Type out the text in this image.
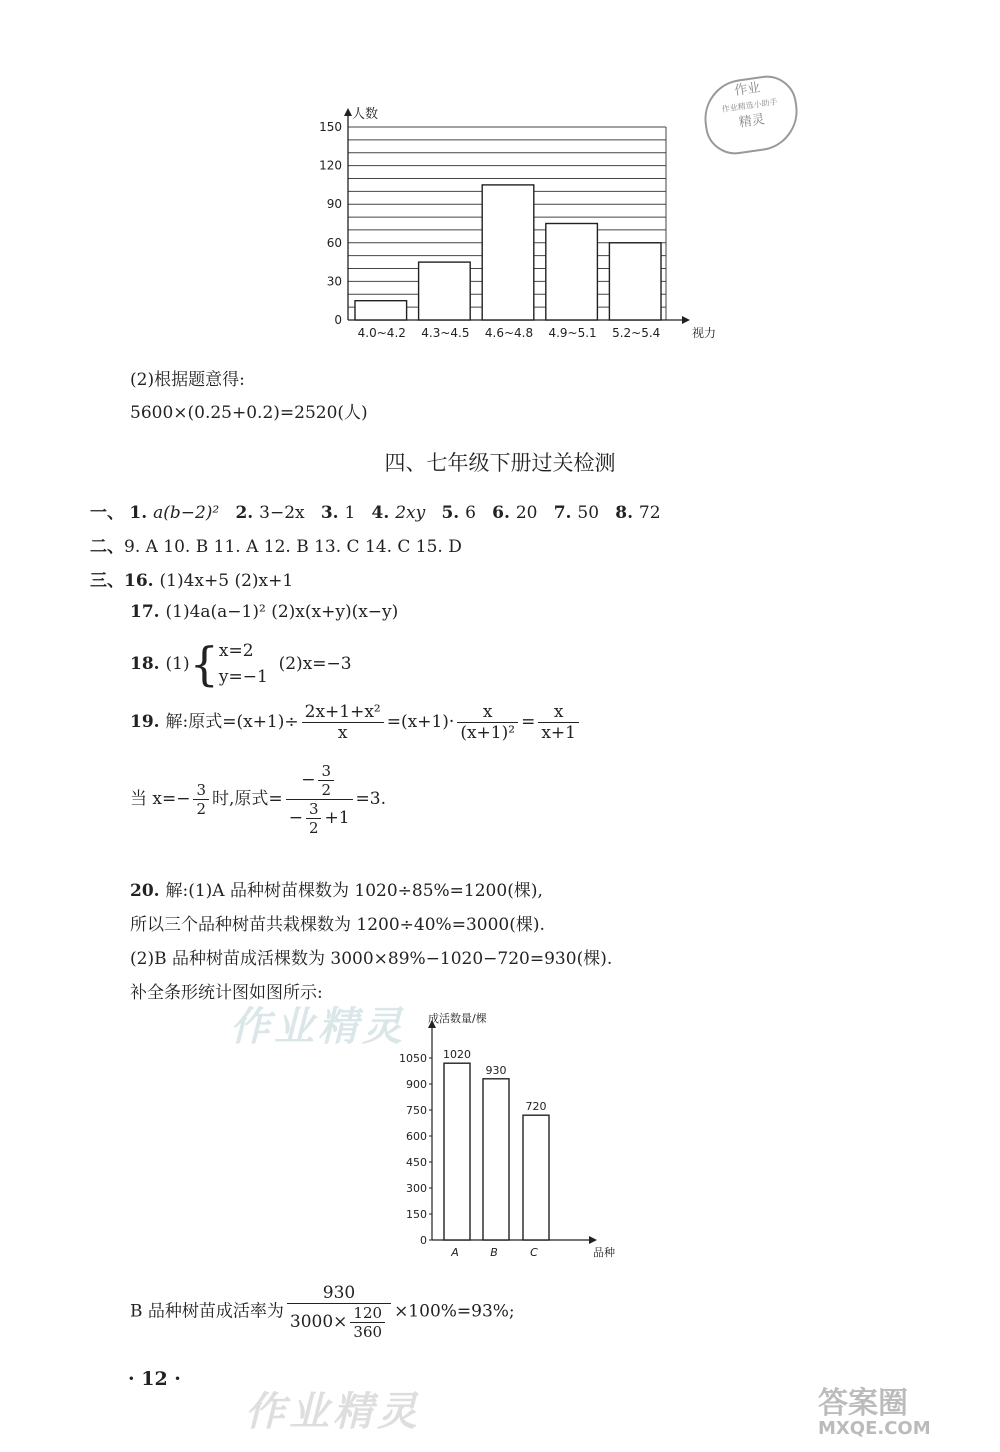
作业
作业精选小助手
精灵
4.0~4.2 4.3~4.5 4.6~4.8 4.9~5.1 5.2~5.4
0
30
60
90
120
150
人数
视力
(2)根据题意得:
5600×(0.25+0.2)=2520(人)
四、七年级下册过关检测
一、 1. a(b−2)² 2. 3−2x 3. 1 4. 2xy 5. 6 6. 20 7. 50 8. 72
二、9. A 10. B 11. A 12. B 13. C 14. C 15. D
三、16. (1)4x+5 (2)x+1
17. (1)4a(a−1)² (2)x(x+y)(x−y)
18. (1){ x=2
y=−1
(2)x=−3
19. 解:原式$=(x+1)\div \frac{\text{2x+1+x²}}{x} =(x+1)\cdot \frac{x}{\text{(x+1)²}} = \frac{x}{x+1}$
当 $x=- \frac{3}{2}$ 时,原式= $\frac{- \frac{3}{2}}{- \frac{3}{2} +1} =3$.
20. 解:(1)A 品种树苗棵数为 1020÷85%=1200(棵),
所以三个品种树苗共栽棵数为 1200÷40%=3000(棵).
(2)B 品种树苗成活棵数为 3000×89%−1020−720=930(棵).
补全条形统计图如图所示:
作业精灵
0
150
300
450
600
750
900
1050 1020
A
930
B
720
C
成活数量/棵
品种
B 品种树苗成活率为 $\frac{930}{3000\times \frac{120}{360}} \times 100\%=93\%$;
· 12 ·
作业精灵	答案圈
MXQE.COM
